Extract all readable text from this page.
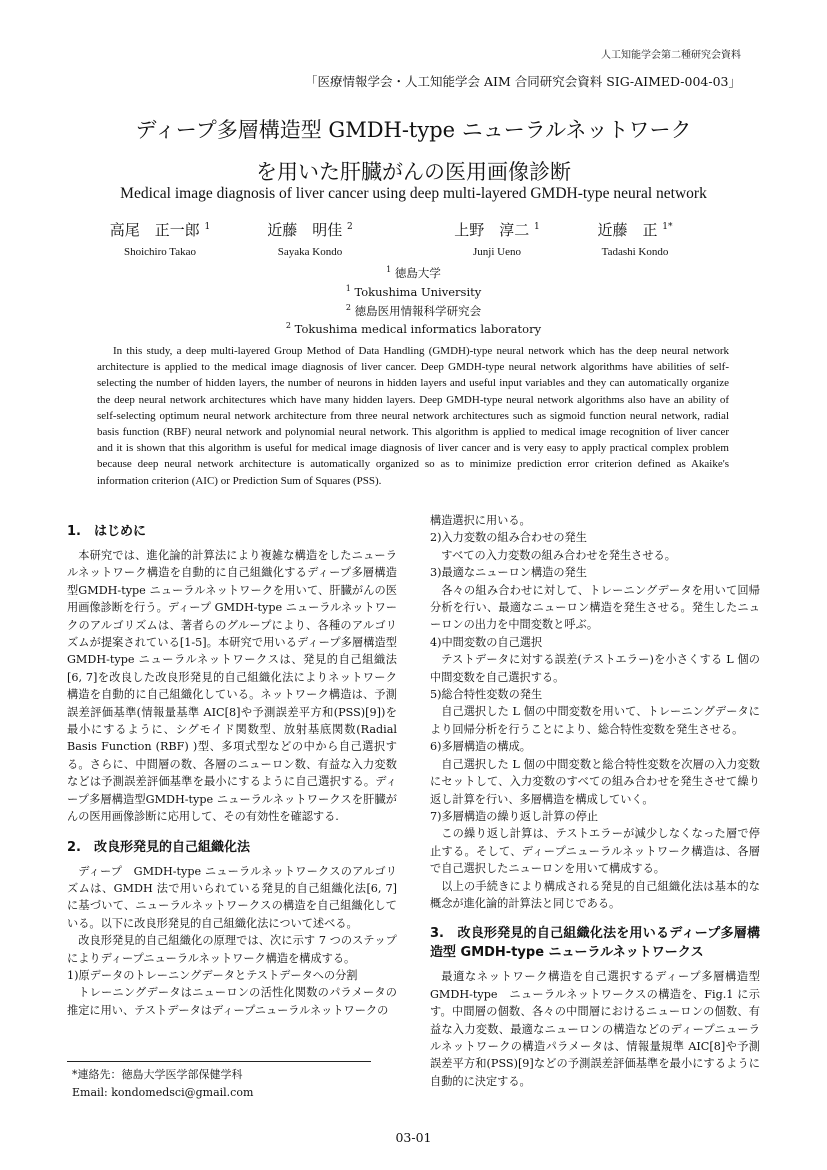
人工知能学会第二種研究会資料
「医療情報学会・人工知能学会 AIM 合同研究会資料 SIG-AIMED-004-03」
ディープ多層構造型 GMDH-type ニューラルネットワーク
を用いた肝臓がんの医用画像診断
Medical image diagnosis of liver cancer using deep multi-layered GMDH-type neural network
高尾　正一郎 $^1$
Shoichiro Takao
近藤　明佳 $^2$
Sayaka Kondo
上野　淳二 $^1$
Junji Ueno
近藤　正 $^{1*}$
Tadashi Kondo
$^1$ 徳島大学
$^1$ Tokushima University
$^2$ 徳島医用情報科学研究会
$^2$ Tokushima medical informatics laboratory
In this study, a deep multi-layered Group Method of Data Handling (GMDH)-type neural network which has the deep neural network architecture is applied to the medical image diagnosis of liver cancer. Deep GMDH-type neural network algorithms have abilities of self-selecting the number of hidden layers, the number of neurons in hidden layers and useful input variables and they can automatically organize the deep neural network architectures which have many hidden layers. Deep GMDH-type neural network algorithms also have an ability of self-selecting optimum neural network architecture from three neural network architectures such as sigmoid function neural network, radial basis function (RBF) neural network and polynomial neural network. This algorithm is applied to medical image recognition of liver cancer and it is shown that this algorithm is useful for medical image diagnosis of liver cancer and is very easy to apply practical complex problem because deep neural network architecture is automatically organized so as to minimize prediction error criterion defined as Akaike's information criterion (AIC) or Prediction Sum of Squares (PSS).
1.　はじめに

本研究では、進化論的計算法により複雑な構造をしたニューラルネットワーク構造を自動的に自己組織化するディープ多層構造型GMDH-type ニューラルネットワークを用いて、肝臓がんの医用画像診断を行う。ディープ GMDH-type ニューラルネットワークのアルゴリズムは、著者らのグループにより、各種のアルゴリズムが提案されている[1-5]。本研究で用いるディープ多層構造型GMDH-type ニューラルネットワークスは、発見的自己組織法[6, 7]を改良した改良形発見的自己組織化法によりネットワーク構造を自動的に自己組織化している。ネットワーク構造は、予測誤差評価基準(情報量基準 AIC[8]や予測誤差平方和(PSS)[9])を最小にするように、シグモイド関数型、放射基底関数(Radial Basis Function (RBF) )型、多項式型などの中から自己選択する。さらに、中間層の数、各層のニューロン数、有益な入力変数などは予測誤差評価基準を最小にするように自己選択する。ディープ多層構造型GMDH-type ニューラルネットワークスを肝臓がんの医用画像診断に応用して、その有効性を確認する.

2.　改良形発見的自己組織化法

ディープ　GMDH-type ニューラルネットワークスのアルゴリズムは、GMDH 法で用いられている発見的自己組織化法[6, 7]に基づいて、ニューラルネットワークスの構造を自己組織化している。以下に改良形発見的自己組織化法について述べる。

改良形発見的自己組織化の原理では、次に示す 7 つのステップによりディープニューラルネットワーク構造を構成する。

1)原データのトレーニングデータとテストデータへの分割

トレーニングデータはニューロンの活性化関数のパラメータの推定に用い、テストデータはディープニューラルネットワークの

構造選択に用いる。

2)入力変数の組み合わせの発生

すべての入力変数の組み合わせを発生させる。

3)最適なニューロン構造の発生

各々の組み合わせに対して、トレーニングデータを用いて回帰分析を行い、最適なニューロン構造を発生させる。発生したニューロンの出力を中間変数と呼ぶ。

4)中間変数の自己選択

テストデータに対する誤差(テストエラー)を小さくする L 個の中間変数を自己選択する。

5)総合特性変数の発生

自己選択した L 個の中間変数を用いて、トレーニングデータにより回帰分析を行うことにより、総合特性変数を発生させる。

6)多層構造の構成。

自己選択した L 個の中間変数と総合特性変数を次層の入力変数にセットして、入力変数のすべての組み合わせを発生させて繰り返し計算を行い、多層構造を構成していく。

7)多層構造の繰り返し計算の停止

この繰り返し計算は、テストエラーが減少しなくなった層で停止する。そして、ディープニューラルネットワーク構造は、各層で自己選択したニューロンを用いて構成する。

以上の手続きにより構成される発見的自己組織化法は基本的な概念が進化論的計算法と同じである。

3.　改良形発見的自己組織化法を用いるディープ多層構造型 GMDH-type ニューラルネットワークス

最適なネットワーク構造を自己選択するディープ多層構造型 GMDH-type　ニューラルネットワークスの構造を、Fig.1 に示す。中間層の個数、各々の中間層におけるニューロンの個数、有益な入力変数、最適なニューロンの構造などのディープニューラルネットワークの構造パラメータは、情報量規準 AIC[8]や予測誤差平方和(PSS)[9]などの予測誤差評価基準を最小にするように自動的に決定する。

*連絡先：徳島大学医学部保健学科
Email: kondomedsci@gmail.com
03-01
